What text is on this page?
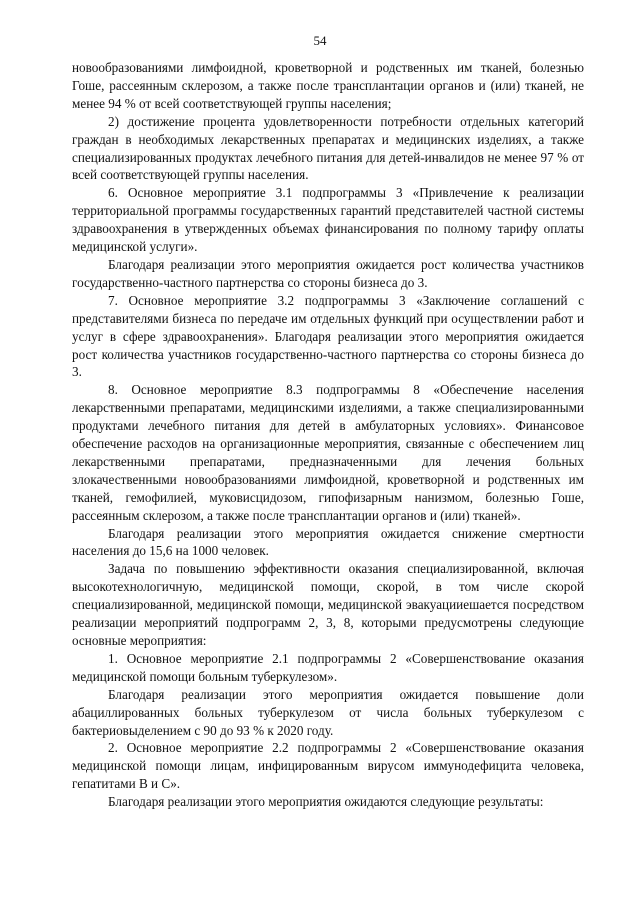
54

новообразованиями лимфоидной, кроветворной и родственных им тканей, болезнью Гоше, рассеянным склерозом, а также после трансплантации органов и (или) тканей, не менее 94 % от всей соответствующей группы населения;

2) достижение процента удовлетворенности потребности отдельных категорий граждан в необходимых лекарственных препаратах и медицинских изделиях, а также специализированных продуктах лечебного питания для детей-инвалидов не менее 97 % от всей соответствующей группы населения.

6. Основное мероприятие 3.1 подпрограммы 3 «Привлечение к реализации территориальной программы государственных гарантий представителей частной системы здравоохранения в утвержденных объемах финансирования по полному тарифу оплаты медицинской услуги».

Благодаря реализации этого мероприятия ожидается рост количества участников государственно-частного партнерства со стороны бизнеса до 3.

7. Основное мероприятие 3.2 подпрограммы 3 «Заключение соглашений с представителями бизнеса по передаче им отдельных функций при осуществлении работ и услуг в сфере здравоохранения». Благодаря реализации этого мероприятия ожидается рост количества участников государственно-частного партнерства со стороны бизнеса до 3.

8. Основное мероприятие 8.3 подпрограммы 8 «Обеспечение населения лекарственными препаратами, медицинскими изделиями, а также специализированными продуктами лечебного питания для детей в амбулаторных условиях». Финансовое обеспечение расходов на организационные мероприятия, связанные с обеспечением лиц лекарственными препаратами, предназначенными для лечения больных злокачественными новообразованиями лимфоидной, кроветворной и родственных им тканей, гемофилией, муковисцидозом, гипофизарным нанизмом, болезнью Гоше, рассеянным склерозом, а также после трансплантации органов и (или) тканей».

Благодаря реализации этого мероприятия ожидается снижение смертности населения до 15,6 на 1000 человек.

Задача по повышению эффективности оказания специализированной, включая высокотехнологичную, медицинской помощи, скорой, в том числе скорой специализированной, медицинской помощи, медицинской эвакуацииешается посредством реализации мероприятий подпрограмм 2, 3, 8, которыми предусмотрены следующие основные мероприятия:

1. Основное мероприятие 2.1 подпрограммы 2 «Совершенствование оказания медицинской помощи больным туберкулезом».

Благодаря реализации этого мероприятия ожидается повышение доли абациллированных больных туберкулезом от числа больных туберкулезом с бактериовыделением с 90 до 93 % к 2020 году.

2. Основное мероприятие 2.2 подпрограммы 2 «Совершенствование оказания медицинской помощи лицам, инфицированным вирусом иммунодефицита человека, гепатитами В и С».

Благодаря реализации этого мероприятия ожидаются следующие результаты:
